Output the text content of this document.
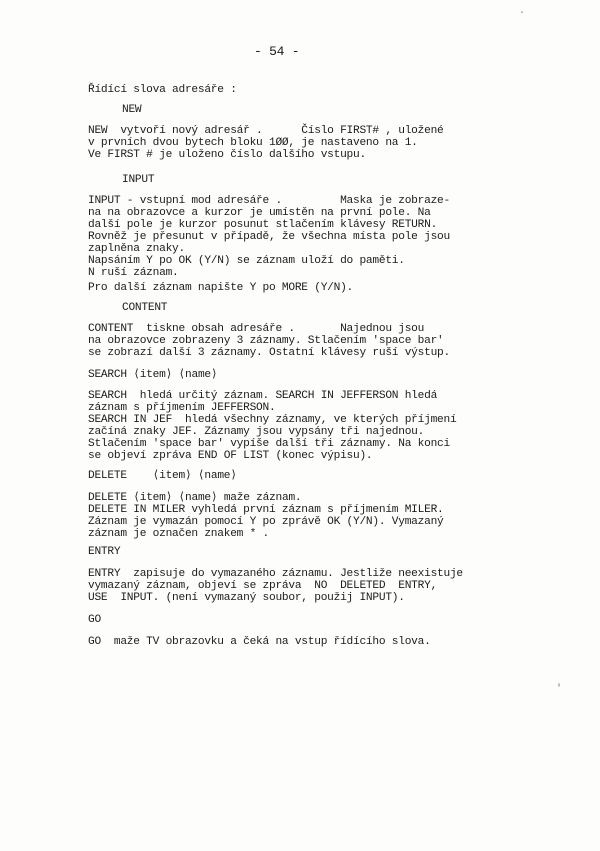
- 54 -
Řídící slova adresáře :
NEW
NEW  vytvoří nový adresář .      Číslo FIRST# , uložené
v prvních dvou bytech bloku 1ØØ, je nastaveno na 1.
Ve FIRST # je uloženo číslo dalšího vstupu.
INPUT
INPUT - vstupní mod adresáře .         Maska je zobraze-
na na obrazovce a kurzor je umístěn na první pole. Na
další pole je kurzor posunut stlačením klávesy RETURN.
Rovněž je přesunut v případě, že všechna místa pole jsou
zaplněna znaky.
Napsáním Y po OK (Y/N) se záznam uloží do paměti.
N ruší záznam.
Pro další záznam napište Y po MORE (Y/N).
CONTENT
CONTENT  tiskne obsah adresáře .       Najednou jsou
na obrazovce zobrazeny 3 záznamy. Stlačením 'space bar'
se zobrazí další 3 záznamy. Ostatní klávesy ruší výstup.
SEARCH ⟨item⟩ ⟨name⟩
SEARCH  hledá určitý záznam. SEARCH IN JEFFERSON hledá
záznam s příjmením JEFFERSON.
SEARCH IN JEF  hledá všechny záznamy, ve kterých příjmení
začíná znaky JEF. Záznamy jsou vypsány tři najednou.
Stlačením 'space bar' vypíše další tři záznamy. Na konci
se objeví zpráva END OF LIST (konec výpisu).
DELETE    ⟨item⟩ ⟨name⟩
DELETE ⟨item⟩ ⟨name⟩ maže záznam.
DELETE IN MILER vyhledá první záznam s příjmením MILER.
Záznam je vymazán pomocí Y po zprávě OK (Y/N). Vymazaný
záznam je označen znakem * .
ENTRY
ENTRY  zapisuje do vymazaného záznamu. Jestliže neexistuje
vymazaný záznam, objeví se zpráva  NO  DELETED  ENTRY,
USE  INPUT. (není vymazaný soubor, použij INPUT).
GO
GO  maže TV obrazovku a čeká na vstup řídícího slova.
.
'
